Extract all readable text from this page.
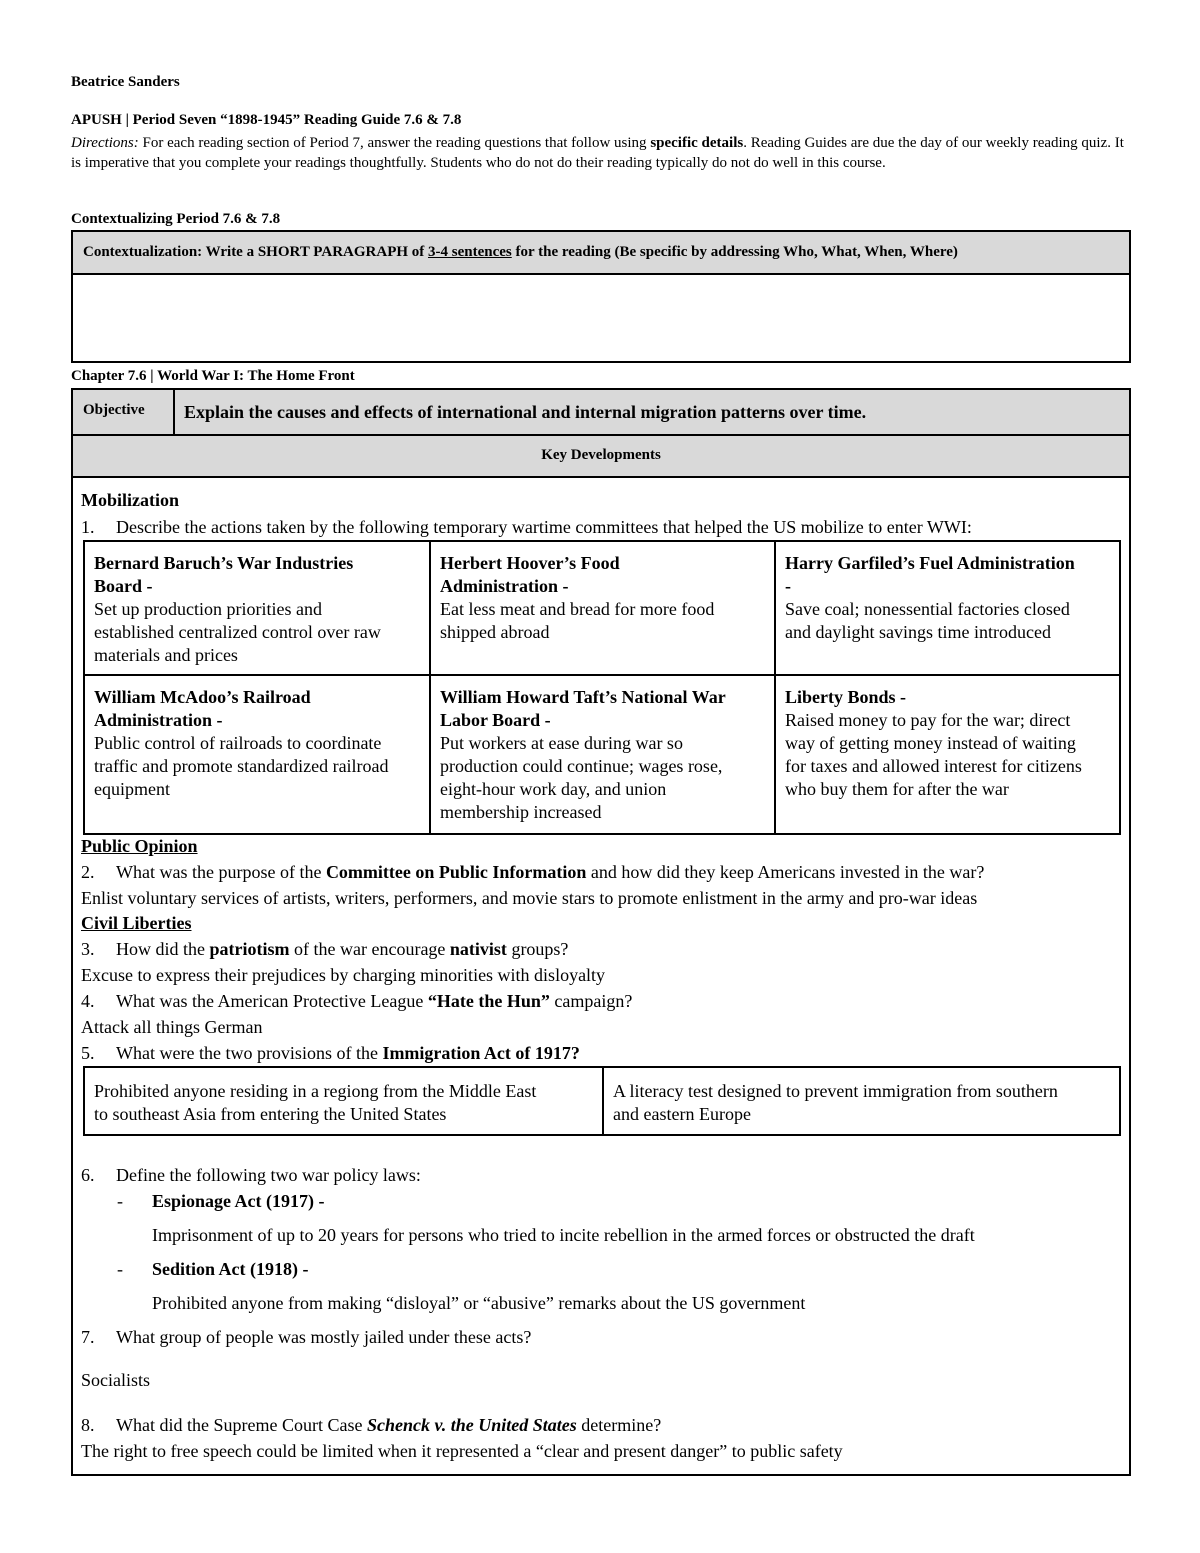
Beatrice Sanders
APUSH | Period Seven “1898-1945” Reading Guide 7.6 & 7.8
Directions: For each reading section of Period 7, answer the reading questions that follow using specific details. Reading Guides are due the day of our weekly reading quiz. It is imperative that you complete your readings thoughtfully. Students who do not do their reading typically do not do well in this course.
Contextualizing Period 7.6 & 7.8
Contextualization: Write a SHORT PARAGRAPH of 3-4 sentences for the reading (Be specific by addressing Who, What, When, Where)
Chapter 7.6 | World War I: The Home Front
Objective Explain the causes and effects of international and internal migration patterns over time.
Key Developments
Mobilization
1. Describe the actions taken by the following temporary wartime committees that helped the US mobilize to enter WWI:
Bernard Baruch’s War Industries
Board -
Set up production priorities and
established centralized control over raw
materials and prices
Herbert Hoover’s Food
Administration -
Eat less meat and bread for more food
shipped abroad
Harry Garfiled’s Fuel Administration
-
Save coal; nonessential factories closed
and daylight savings time introduced
William McAdoo’s Railroad
Administration -
Public control of railroads to coordinate
traffic and promote standardized railroad
equipment
William Howard Taft’s National War
Labor Board -
Put workers at ease during war so
production could continue; wages rose,
eight-hour work day, and union
membership increased
Liberty Bonds -
Raised money to pay for the war; direct
way of getting money instead of waiting
for taxes and allowed interest for citizens
who buy them for after the war
Public Opinion
2. What was the purpose of the Committee on Public Information and how did they keep Americans invested in the war?
Enlist voluntary services of artists, writers, performers, and movie stars to promote enlistment in the army and pro-war ideas
Civil Liberties
3. How did the patriotism of the war encourage nativist groups?
Excuse to express their prejudices by charging minorities with disloyalty
4. What was the American Protective League “Hate the Hun” campaign?
Attack all things German
5. What were the two provisions of the Immigration Act of 1917?
Prohibited anyone residing in a regiong from the Middle East
to southeast Asia from entering the United States
A literacy test designed to prevent immigration from southern
and eastern Europe
6. Define the following two war policy laws:
- Espionage Act (1917) -
Imprisonment of up to 20 years for persons who tried to incite rebellion in the armed forces or obstructed the draft
- Sedition Act (1918) -
Prohibited anyone from making “disloyal” or “abusive” remarks about the US government
7. What group of people was mostly jailed under these acts?
Socialists
8. What did the Supreme Court Case Schenck v. the United States determine?
The right to free speech could be limited when it represented a “clear and present danger” to public safety
